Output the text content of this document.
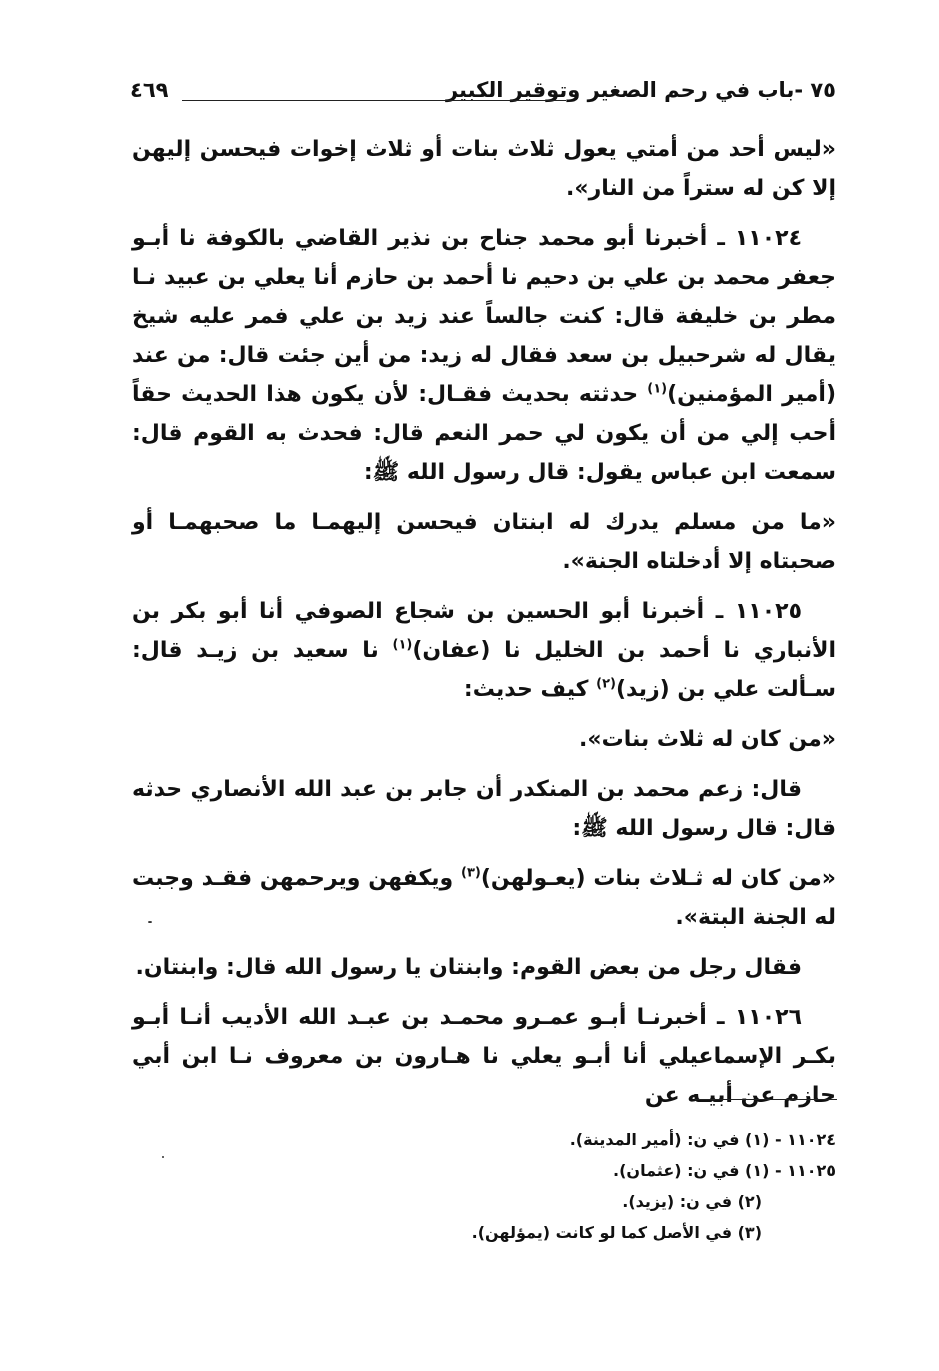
٧٥ -باب في رحم الصغير وتوقير الكبير
٤٦٩

«ليس أحد من أمتي يعول ثلاث بنات أو ثلاث إخوات فيحسن إليهن إلا كن له ستراً من النار».

١١٠٢٤ ـ أخبرنا أبو محمد جناح بن نذير القاضي بالكوفة نا أبـو جعفر محمد بن علي بن دحيم نا أحمد بن حازم أنا يعلي بن عبيد نـا مطر بن خليفة قال: كنت جالساً عند زيد بن علي فمر عليه شيخ يقال له شرحبيل بن سعد فقال له زيد: من أين جئت قال: من عند (أمير المؤمنين)$^{(١)}$ حدثته بحديث فقـال: لأن يكون هذا الحديث حقاً أحب إلي من أن يكون لي حمر النعم قال: فحدث به القوم قال: سمعت ابن عباس يقول: قال رسول الله ﷺ:

«ما من مسلم يدرك له ابنتان فيحسن إليهمـا ما صحبهمـا أو صحبتاه إلا أدخلتاه الجنة».

١١٠٢٥ ـ أخبرنا أبو الحسين بن شجاع الصوفي أنا أبو بكر بن الأنباري نا أحمد بن الخليل نا (عفان)$^{(١)}$ نا سعيد بن زيـد قال: سـألت علي بن (زيد)$^{(٢)}$ كيف حديث:

«من كان له ثلاث بنات».

قال: زعم محمد بن المنكدر أن جابر بن عبد الله الأنصاري حدثه قال: قال رسول الله ﷺ:

«من كان له ثـلاث بنات (يعـولهن)$^{(٣)}$ ويكفهن ويرحمهن فقـد وجبت له الجنة البتة».

فقال رجل من بعض القوم: وابنتان يا رسول الله قال: وابنتان.

١١٠٢٦ ـ أخبرنـا أبـو عمـرو محمـد بن عبـد الله الأديب أنـا أبـو بكـر الإسماعيلي أنا أبـو يعلي نا هـارون بن معروف نـا ابن أبي حازم عن أبيـه عن

١١٠٢٤ - (١) في ن: (أمير المدينة).
١١٠٢٥ - (١) في ن: (عثمان).
(٢) في ن: (يزيد).
(٣) في الأصل كما لو كانت (يمؤلهن).
